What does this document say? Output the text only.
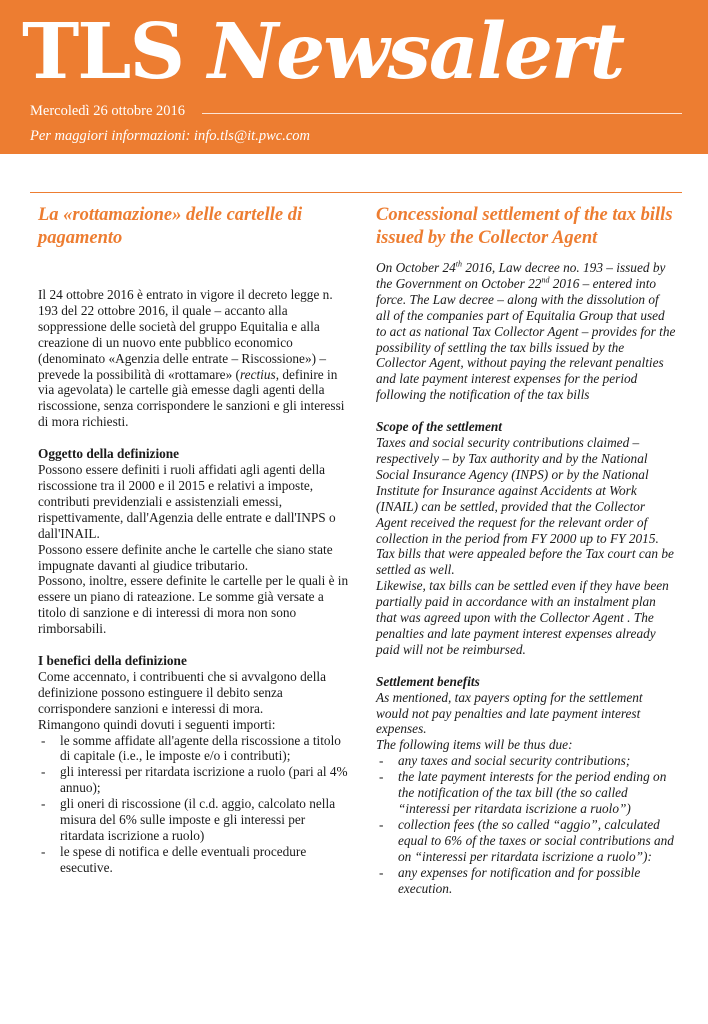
TLS Newsalert
Mercoledì 26 ottobre 2016
Per maggiori informazioni: info.tls@it.pwc.com
La «rottamazione» delle cartelle di pagamento

Il 24 ottobre 2016 è entrato in vigore il decreto legge n. 193 del 22 ottobre 2016, il quale – accanto alla soppressione delle società del gruppo Equitalia e alla creazione di un nuovo ente pubblico economico (denominato «Agenzia delle entrate – Riscossione») – prevede la possibilità di «rottamare» (rectius, definire in via agevolata) le cartelle già emesse dagli agenti della riscossione, senza corrispondere le sanzioni e gli interessi di mora richiesti.

Oggetto della definizione

Possono essere definiti i ruoli affidati agli agenti della riscossione tra il 2000 e il 2015 e relativi a imposte, contributi previdenziali e assistenziali emessi, rispettivamente, dall'Agenzia delle entrate e dall'INPS o dall'INAIL.

Possono essere definite anche le cartelle che siano state impugnate davanti al giudice tributario.

Possono, inoltre, essere definite le cartelle per le quali è in essere un piano di rateazione. Le somme già versate a titolo di sanzione e di interessi di mora non sono rimborsabili.

I benefici della definizione

Come accennato, i contribuenti che si avvalgono della definizione possono estinguere il debito senza corrispondere sanzioni e interessi di mora.

Rimangono quindi dovuti i seguenti importi:

- le somme affidate all'agente della riscossione a titolo di capitale (i.e., le imposte e/o i contributi);
- gli interessi per ritardata iscrizione a ruolo (pari al 4% annuo);
- gli oneri di riscossione (il c.d. aggio, calcolato nella misura del 6% sulle imposte e gli interessi per ritardata iscrizione a ruolo)
- le spese di notifica e delle eventuali procedure esecutive.
Concessional settlement of the tax bills issued by the Collector Agent

On October 24th 2016, Law decree no. 193 – issued by the Government on October 22nd 2016 – entered into force. The Law decree – along with the dissolution of all of the companies part of Equitalia Group that used to act as national Tax Collector Agent – provides for the possibility of settling the tax bills issued by the Collector Agent, without paying the relevant penalties and late payment interest expenses for the period following the notification of the tax bills

Scope of the settlement

Taxes and social security contributions claimed – respectively – by Tax authority and by the National Social Insurance Agency (INPS) or by the National Institute for Insurance against Accidents at Work (INAIL) can be settled, provided that the Collector Agent received the request for the relevant order of collection in the period from FY 2000 up to FY 2015.

Tax bills that were appealed before the Tax court can be settled as well.

Likewise, tax bills can be settled even if they have been partially paid in accordance with an instalment plan that was agreed upon with the Collector Agent . The penalties and late payment interest expenses already paid will not be reimbursed.

Settlement benefits

As mentioned, tax payers opting for the settlement would not pay penalties and late payment interest expenses.

The following items will be thus due:

- any taxes and social security contributions;
- the late payment interests for the period ending on the notification of the tax bill (the so called “interessi per ritardata iscrizione a ruolo”)
- collection fees (the so called “aggio”, calculated equal to 6% of the taxes or social contributions and on “interessi per ritardata iscrizione a ruolo”):
- any expenses for notification and for possible execution.
